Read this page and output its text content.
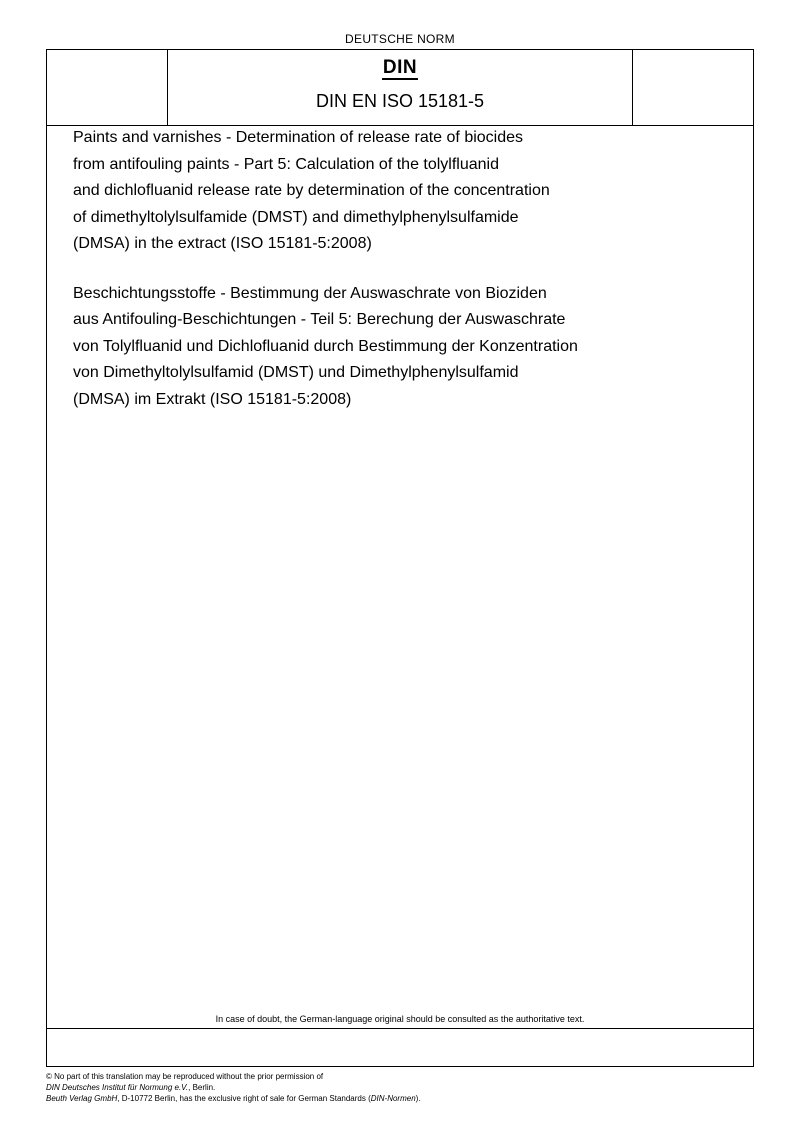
DEUTSCHE NORM
DIN
DIN EN ISO 15181-5
In case of doubt, the German-language original should be consulted as the authoritative text.

Paints and varnishes - Determination of release rate of biocides
from antifouling paints - Part 5: Calculation of the tolylfluanid
and dichlofluanid release rate by determination of the concentration
of dimethyltolylsulfamide (DMST) and dimethylphenylsulfamide
(DMSA) in the extract (ISO 15181-5:2008)

Beschichtungsstoffe - Bestimmung der Auswaschrate von Bioziden
aus Antifouling-Beschichtungen - Teil 5: Berechung der Auswaschrate
von Tolylfluanid und Dichlofluanid durch Bestimmung der Konzentration
von Dimethyltolylsulfamid (DMST) und Dimethylphenylsulfamid
(DMSA) im Extrakt (ISO 15181-5:2008)

© No part of this translation may be reproduced without the prior permission of
DIN Deutsches Institut für Normung e.V., Berlin.
Beuth Verlag GmbH, D-10772 Berlin, has the exclusive right of sale for German Standards (DIN-Normen).
